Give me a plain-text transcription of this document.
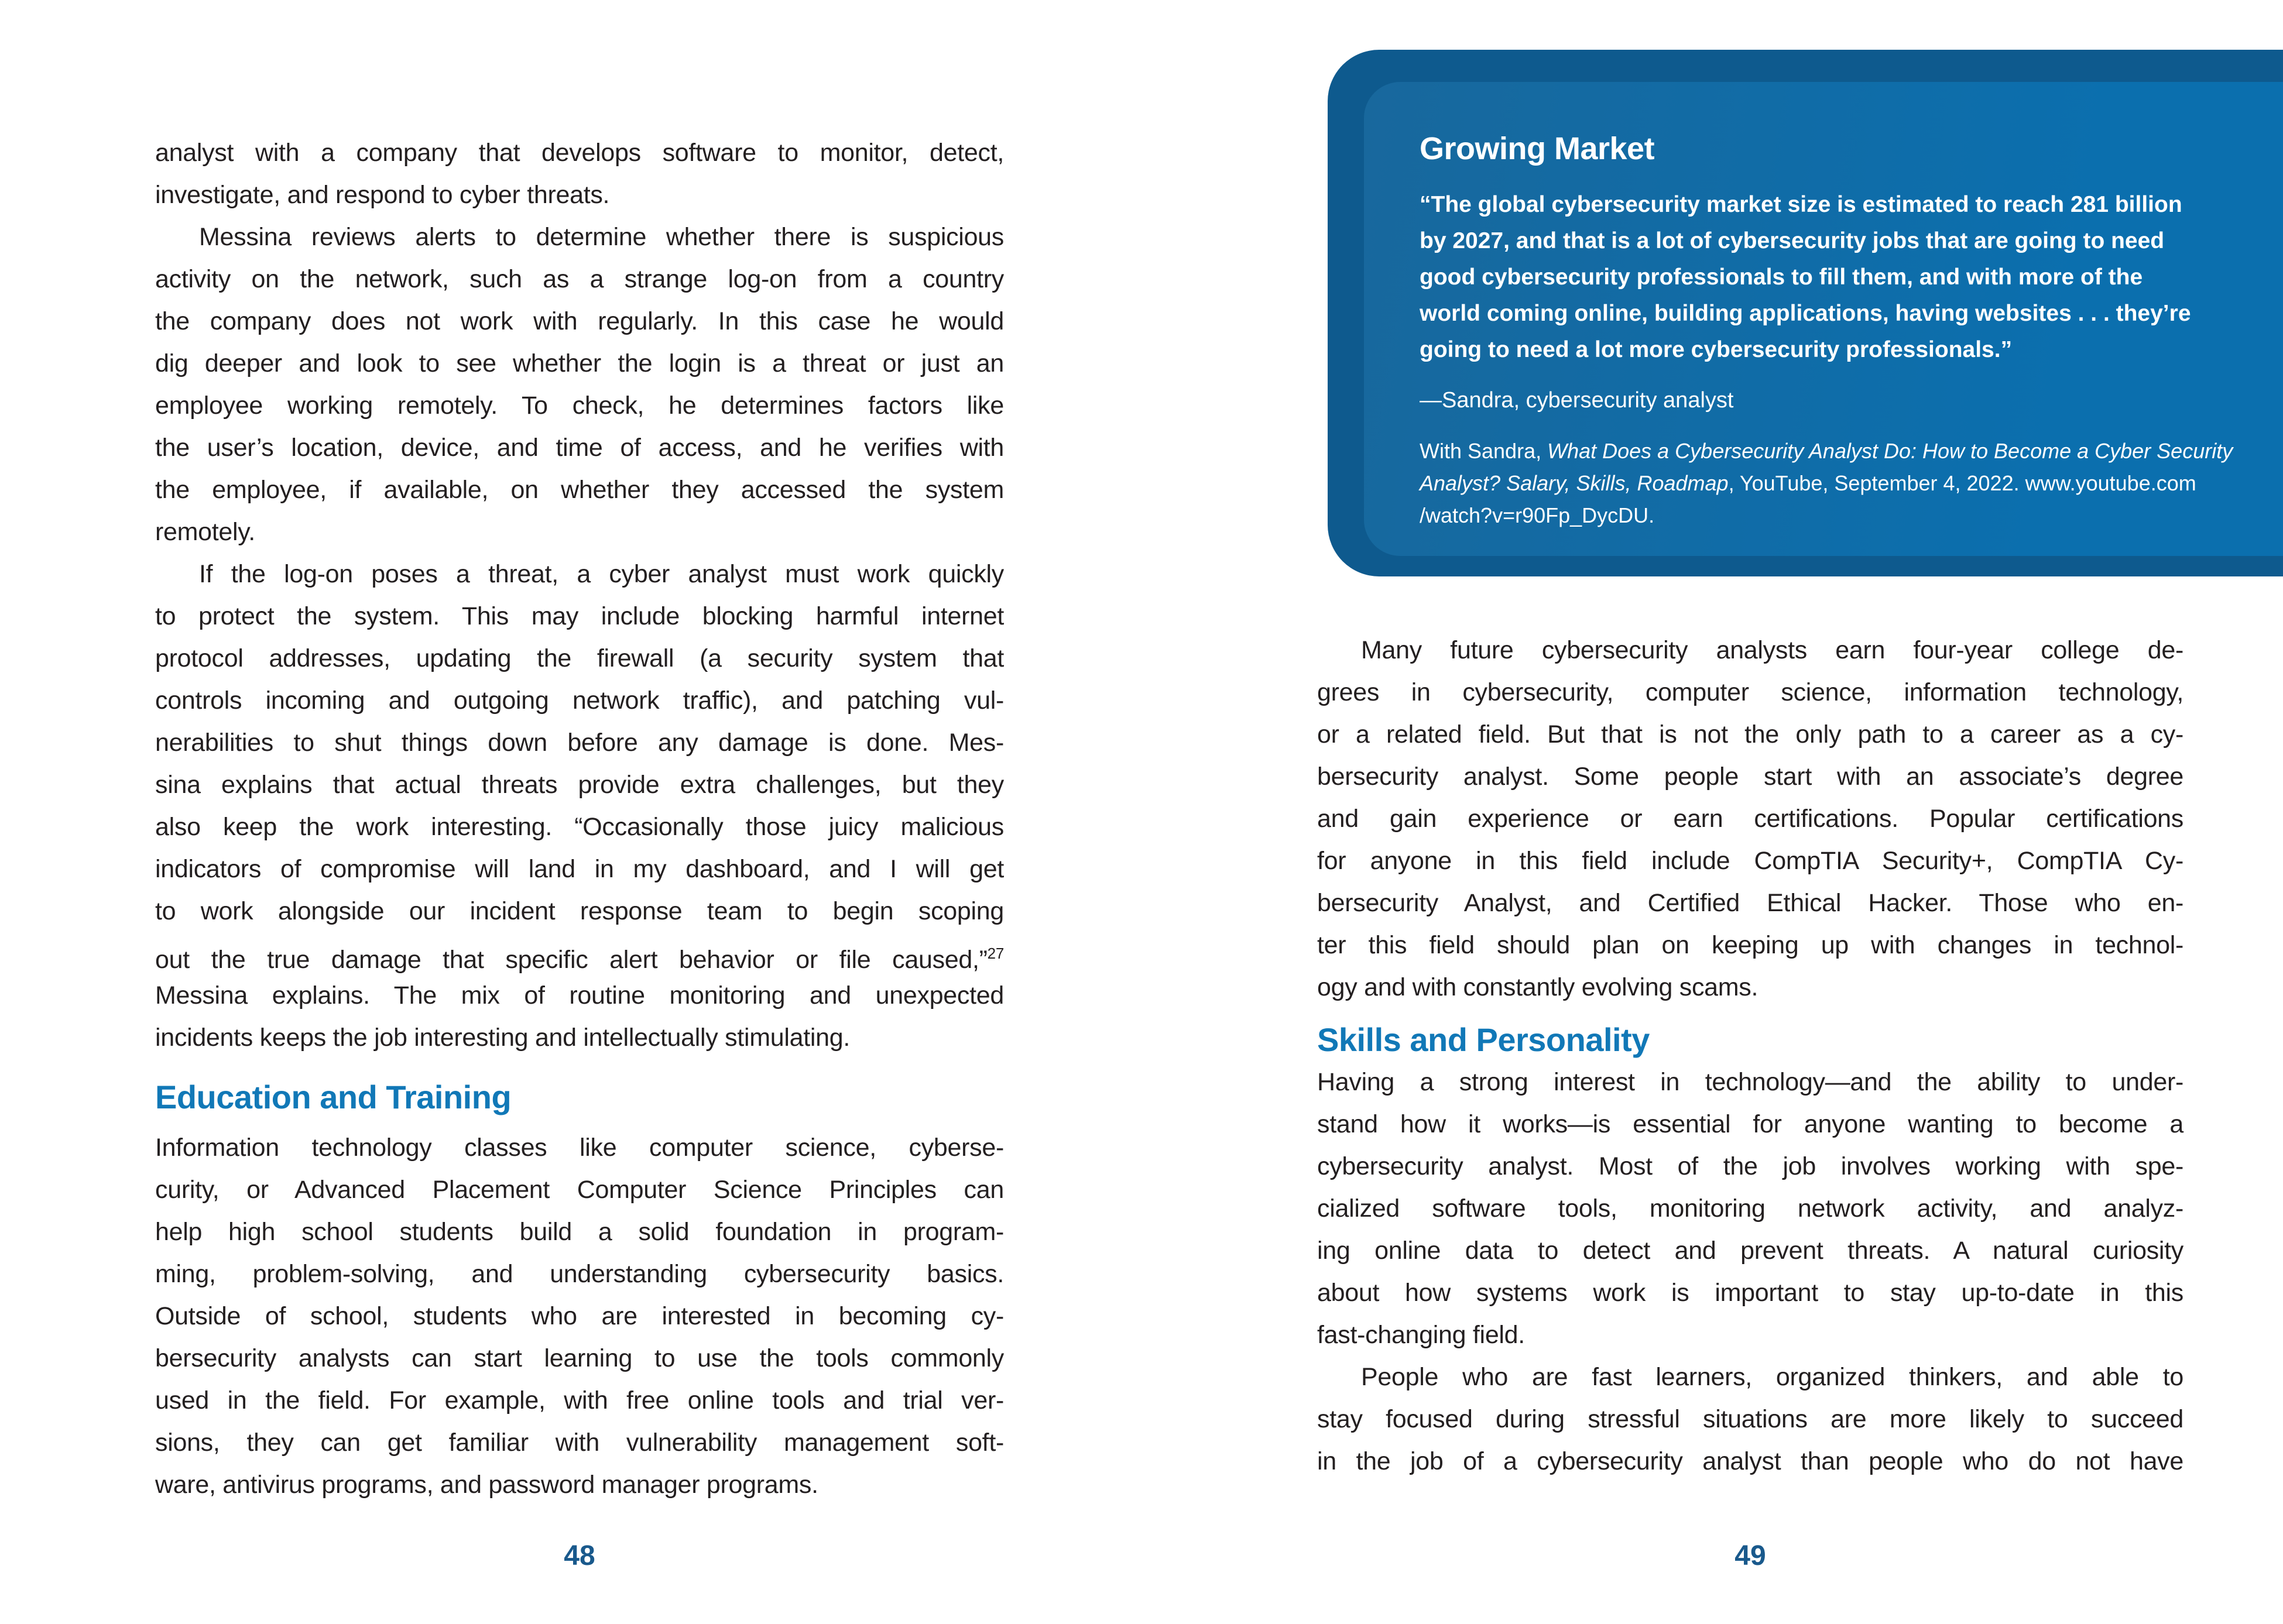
analyst with a company that develops software to monitor, detect,
investigate, and respond to cyber threats.
Messina reviews alerts to determine whether there is suspicious
activity on the network, such as a strange log-on from a country
the company does not work with regularly. In this case he would
dig deeper and look to see whether the login is a threat or just an
employee working remotely. To check, he determines factors like
the user’s location, device, and time of access, and he verifies with
the employee, if available, on whether they accessed the system
remotely.
If the log-on poses a threat, a cyber analyst must work quickly
to protect the system. This may include blocking harmful internet
protocol addresses, updating the firewall (a security system that
controls incoming and outgoing network traffic), and patching vul-
nerabilities to shut things down before any damage is done. Mes-
sina explains that actual threats provide extra challenges, but they
also keep the work interesting. “Occasionally those juicy malicious
indicators of compromise will land in my dashboard, and I will get
to work alongside our incident response team to begin scoping
out the true damage that specific alert behavior or file caused,”$^{27}$
Messina explains. The mix of routine monitoring and unexpected
incidents keeps the job interesting and intellectually stimulating.
Education and Training
Information technology classes like computer science, cyberse-
curity, or Advanced Placement Computer Science Principles can
help high school students build a solid foundation in program-
ming, problem-solving, and understanding cybersecurity basics.
Outside of school, students who are interested in becoming cy-
bersecurity analysts can start learning to use the tools commonly
used in the field. For example, with free online tools and trial ver-
sions, they can get familiar with vulnerability management soft-
ware, antivirus programs, and password manager programs.
48
Growing Market
“The global cybersecurity market size is estimated to reach 281 billion
by 2027, and that is a lot of cybersecurity jobs that are going to need
good cybersecurity professionals to fill them, and with more of the
world coming online, building applications, having websites . . . they’re
going to need a lot more cybersecurity professionals.”
—Sandra, cybersecurity analyst
With Sandra, What Does a Cybersecurity Analyst Do: How to Become a Cyber Security
Analyst? Salary, Skills, Roadmap, YouTube, September 4, 2022. www.youtube.com
/watch?v=r90Fp_DycDU.
Many future cybersecurity analysts earn four-year college de-
grees in cybersecurity, computer science, information technology,
or a related field. But that is not the only path to a career as a cy-
bersecurity analyst. Some people start with an associate’s degree
and gain experience or earn certifications. Popular certifications
for anyone in this field include CompTIA Security+, CompTIA Cy-
bersecurity Analyst, and Certified Ethical Hacker. Those who en-
ter this field should plan on keeping up with changes in technol-
ogy and with constantly evolving scams.
Skills and Personality
Having a strong interest in technology—and the ability to under-
stand how it works—is essential for anyone wanting to become a
cybersecurity analyst. Most of the job involves working with spe-
cialized software tools, monitoring network activity, and analyz-
ing online data to detect and prevent threats. A natural curiosity
about how systems work is important to stay up-to-date in this
fast-changing field.
People who are fast learners, organized thinkers, and able to
stay focused during stressful situations are more likely to succeed
in the job of a cybersecurity analyst than people who do not have
49
